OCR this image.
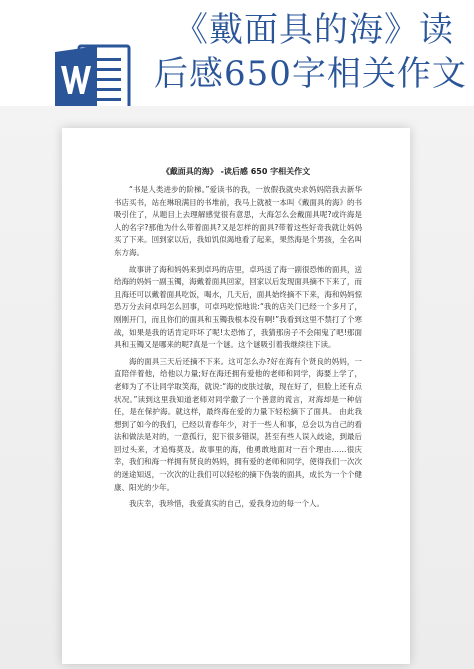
《戴面具的海》读
后感650字相关作文
《戴面具的海》 -读后感 650 字相关作文

“书是人类进步的阶梯。”爱读书的我，一放假我就央求妈妈陪我去新华书店买书，站在琳琅满目的书堆前，我马上就被一本叫《戴面具的海》的书吸引住了，从题目上去理解感觉很有意思，大海怎么会戴面具呢?或许海是人的名字?那他为什么带着面具?又是怎样的面具?带着这些好奇我就让妈妈买了下来。回到家以后，我如饥似渴地看了起来，果然海是个男孩，全名叫东方海。

故事讲了海和妈妈来到卓玛的店里，卓玛送了海一副很恐怖的面具，送给海的妈妈一副玉镯，海戴着面具回家，回家以后发现面具摘不下来了，而且海还可以戴着面具吃饭，喝水，几天后，面具始终摘不下来，海和妈妈惊恐万分去问卓玛怎么回事，可卓玛吃惊地说:“我的店关门已经一个多月了，刚刚开门，而且你们的面具和玉镯我根本没有啊!”我看到这里不禁打了个寒战，如果是我的话肯定吓坏了呢!太恐怖了，我猜那房子不会闹鬼了吧!那面具和玉镯又是哪来的呢?真是一个谜。这个谜吸引着我继续往下读。

海的面具三天后还摘不下来。这可怎么办?好在海有个贤良的妈妈，一直陪伴着他，给他以力量;好在海还拥有爱他的老师和同学，海要上学了，老师为了不让同学取笑海，就说:“海的皮肤过敏，现在好了，但脸上还有点状况。”读到这里我知道老师对同学撒了一个善意的谎言，对海却是一种信任，是在保护海。就这样，最终海在爱的力量下轻松摘下了面具。 由此我想到了如今的我们，已经以青春年少，对于一些人和事，总会以为自己的看法和做法是对的，一意孤行，犯下很多错误，甚至有些人误入歧途，到最后回过头来，才追悔莫及。故事里的海，他勇敢地面对一百个理由……很庆幸，我们和海一样拥有贤良的妈妈，拥有爱的老师和同学，使得我们一次次的迷途知返，一次次的让我们可以轻松的摘下伪装的面具，成长为一个个健康、阳光的少年。

我庆幸，我珍惜，我爱真实的自己，爱我身边的每一个人。
